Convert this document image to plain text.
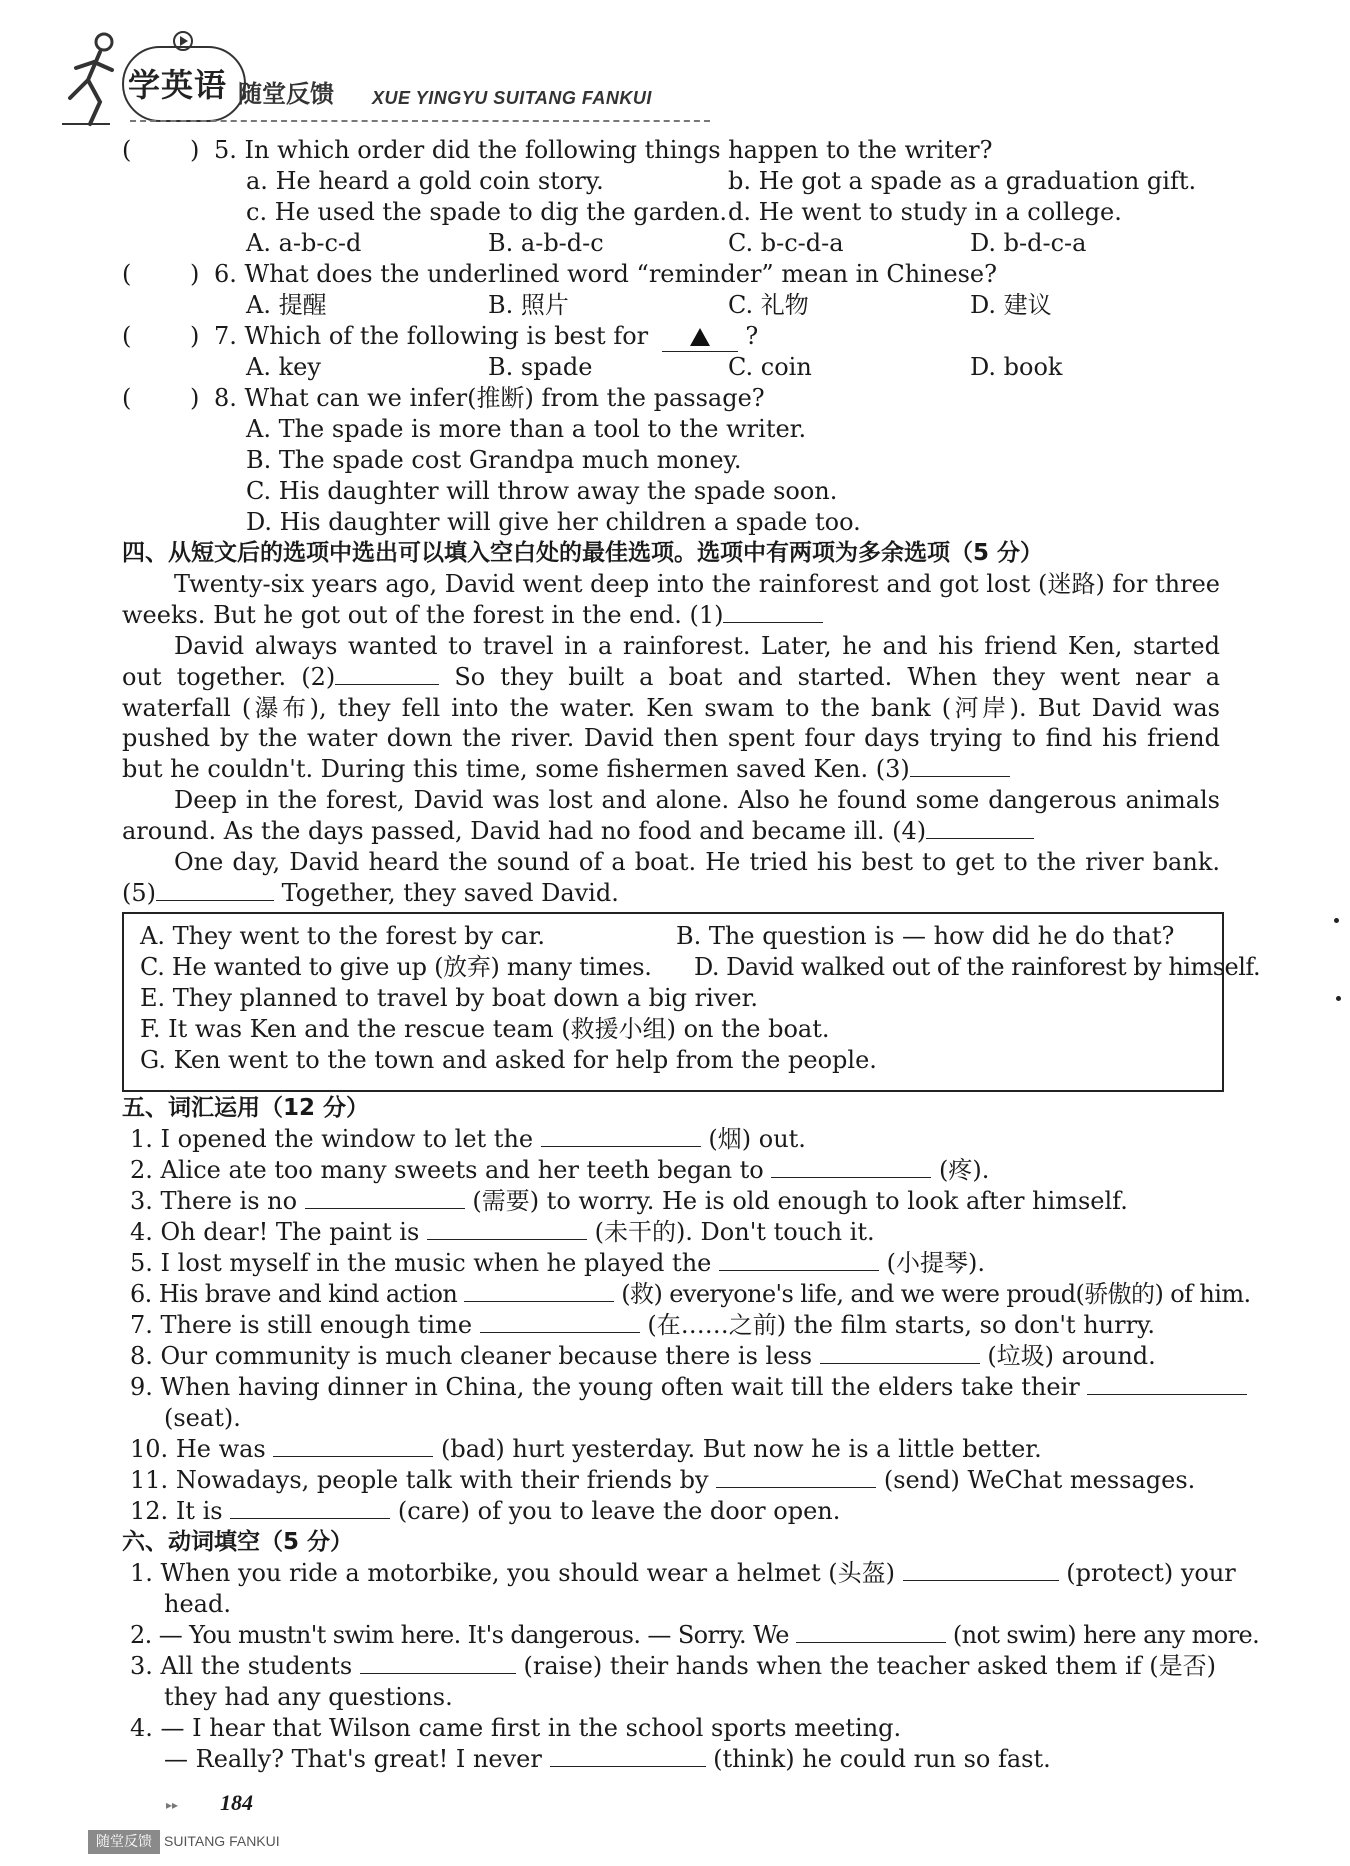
学英语 随堂反馈 XUE YINGYU SUITANG FANKUI
( ) 5. In which order did the following things happen to the writer?
a. He heard a gold coin story.	b. He got a spade as a graduation gift.
c. He used the spade to dig the garden. d. He went to study in a college.
A. a-b-c-d	B. a-b-d-c	C. b-c-d-a	D. b-d-c-a
( ) 6. What does the underlined word “reminder” mean in Chinese?
A. 提醒	B. 照片	C. 礼物	D. 建议
( ) 7. Which of the following is best for	?
A. key	B. spade	C. coin	D. book
( ) 8. What can we infer(推断) from the passage?
A. The spade is more than a tool to the writer.
B. The spade cost Grandpa much money.
C. His daughter will throw away the spade soon.
D. His daughter will give her children a spade too.
四、从短文后的选项中选出可以填入空白处的最佳选项。选项中有两项为多余选项（5 分）
Twenty-six years ago, David went deep into the rainforest and got lost (迷路) for three weeks. But he got out of the forest in the end. (1)
David always wanted to travel in a rainforest. Later, he and his friend Ken, started out together. (2)	So they built a boat and started. When they went near a waterfall (瀑布), they fell into the water. Ken swam to the bank (河岸). But David was pushed by the water down the river. David then spent four days trying to find his friend but he couldn't. During this time, some fishermen saved Ken. (3)
Deep in the forest, David was lost and alone. Also he found some dangerous animals around. As the days passed, David had no food and became ill. (4)
One day, David heard the sound of a boat. He tried his best to get to the river bank. (5)	Together, they saved David.
A. They went to the forest by car.	B. The question is — how did he do that?
C. He wanted to give up (放弃) many times. D. David walked out of the rainforest by himself.
E. They planned to travel by boat down a big river.
F. It was Ken and the rescue team (救援小组) on the boat.
G. Ken went to the town and asked for help from the people.
五、词汇运用（12 分）
1. I opened the window to let the	(烟) out.
2. Alice ate too many sweets and her teeth began to	(疼).
3. There is no	(需要) to worry. He is old enough to look after himself.
4. Oh dear! The paint is	(未干的). Don't touch it.
5. I lost myself in the music when he played the	(小提琴).
6. His brave and kind action	(救) everyone's life, and we were proud(骄傲的) of him.
7. There is still enough time	(在……之前) the film starts, so don't hurry.
8. Our community is much cleaner because there is less	(垃圾) around.
9. When having dinner in China, the young often wait till the elders take their
(seat).
10. He was	(bad) hurt yesterday. But now he is a little better.
11. Nowadays, people talk with their friends by	(send) WeChat messages.
12. It is	(care) of you to leave the door open.
六、动词填空（5 分）
1. When you ride a motorbike, you should wear a helmet (头盔)	(protect) your
head.
2. — You mustn't swim here. It's dangerous. — Sorry. We	(not swim) here any more.
3. All the students	(raise) their hands when the teacher asked them if (是否)
they had any questions.
4. — I hear that Wilson came first in the school sports meeting.
— Really? That's great! I never	(think) he could run so fast.
▸▸ 184
随堂反馈 SUITANG FANKUI
